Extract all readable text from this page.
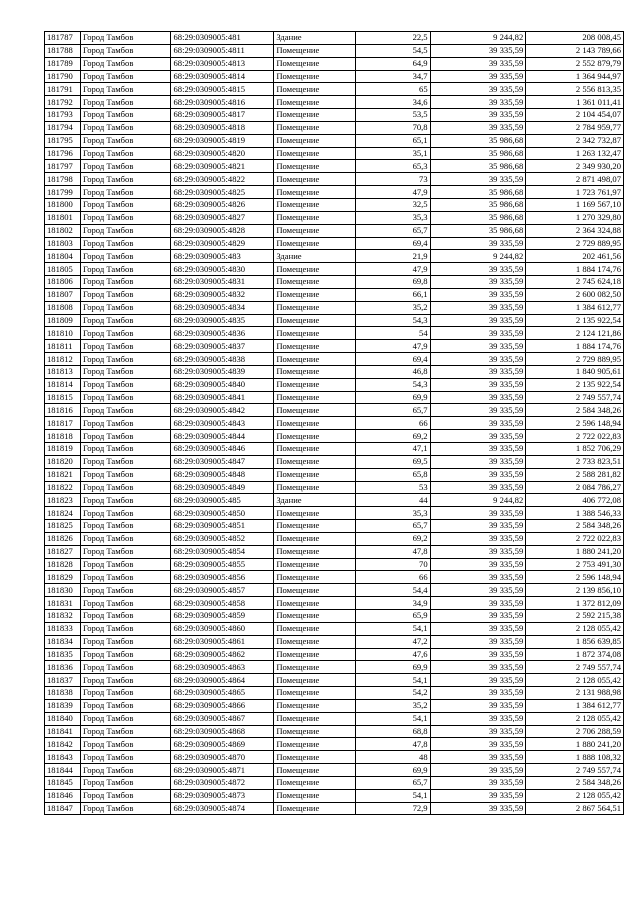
181787	Город Тамбов	68:29:0309005:481	Здание	22,5	9 244,82	208 008,45
181788	Город Тамбов	68:29:0309005:4811	Помещение	54,5	39 335,59	2 143 789,66
181789	Город Тамбов	68:29:0309005:4813	Помещение	64,9	39 335,59	2 552 879,79
181790	Город Тамбов	68:29:0309005:4814	Помещение	34,7	39 335,59	1 364 944,97
181791	Город Тамбов	68:29:0309005:4815	Помещение	65	39 335,59	2 556 813,35
181792	Город Тамбов	68:29:0309005:4816	Помещение	34,6	39 335,59	1 361 011,41
181793	Город Тамбов	68:29:0309005:4817	Помещение	53,5	39 335,59	2 104 454,07
181794	Город Тамбов	68:29:0309005:4818	Помещение	70,8	39 335,59	2 784 959,77
181795	Город Тамбов	68:29:0309005:4819	Помещение	65,1	35 986,68	2 342 732,87
181796	Город Тамбов	68:29:0309005:4820	Помещение	35,1	35 986,68	1 263 132,47
181797	Город Тамбов	68:29:0309005:4821	Помещение	65,3	35 986,68	2 349 930,20
181798	Город Тамбов	68:29:0309005:4822	Помещение	73	39 335,59	2 871 498,07
181799	Город Тамбов	68:29:0309005:4825	Помещение	47,9	35 986,68	1 723 761,97
181800	Город Тамбов	68:29:0309005:4826	Помещение	32,5	35 986,68	1 169 567,10
181801	Город Тамбов	68:29:0309005:4827	Помещение	35,3	35 986,68	1 270 329,80
181802	Город Тамбов	68:29:0309005:4828	Помещение	65,7	35 986,68	2 364 324,88
181803	Город Тамбов	68:29:0309005:4829	Помещение	69,4	39 335,59	2 729 889,95
181804	Город Тамбов	68:29:0309005:483	Здание	21,9	9 244,82	202 461,56
181805	Город Тамбов	68:29:0309005:4830	Помещение	47,9	39 335,59	1 884 174,76
181806	Город Тамбов	68:29:0309005:4831	Помещение	69,8	39 335,59	2 745 624,18
181807	Город Тамбов	68:29:0309005:4832	Помещение	66,1	39 335,59	2 600 082,50
181808	Город Тамбов	68:29:0309005:4834	Помещение	35,2	39 335,59	1 384 612,77
181809	Город Тамбов	68:29:0309005:4835	Помещение	54,3	39 335,59	2 135 922,54
181810	Город Тамбов	68:29:0309005:4836	Помещение	54	39 335,59	2 124 121,86
181811	Город Тамбов	68:29:0309005:4837	Помещение	47,9	39 335,59	1 884 174,76
181812	Город Тамбов	68:29:0309005:4838	Помещение	69,4	39 335,59	2 729 889,95
181813	Город Тамбов	68:29:0309005:4839	Помещение	46,8	39 335,59	1 840 905,61
181814	Город Тамбов	68:29:0309005:4840	Помещение	54,3	39 335,59	2 135 922,54
181815	Город Тамбов	68:29:0309005:4841	Помещение	69,9	39 335,59	2 749 557,74
181816	Город Тамбов	68:29:0309005:4842	Помещение	65,7	39 335,59	2 584 348,26
181817	Город Тамбов	68:29:0309005:4843	Помещение	66	39 335,59	2 596 148,94
181818	Город Тамбов	68:29:0309005:4844	Помещение	69,2	39 335,59	2 722 022,83
181819	Город Тамбов	68:29:0309005:4846	Помещение	47,1	39 335,59	1 852 706,29
181820	Город Тамбов	68:29:0309005:4847	Помещение	69,5	39 335,59	2 733 823,51
181821	Город Тамбов	68:29:0309005:4848	Помещение	65,8	39 335,59	2 588 281,82
181822	Город Тамбов	68:29:0309005:4849	Помещение	53	39 335,59	2 084 786,27
181823	Город Тамбов	68:29:0309005:485	Здание	44	9 244,82	406 772,08
181824	Город Тамбов	68:29:0309005:4850	Помещение	35,3	39 335,59	1 388 546,33
181825	Город Тамбов	68:29:0309005:4851	Помещение	65,7	39 335,59	2 584 348,26
181826	Город Тамбов	68:29:0309005:4852	Помещение	69,2	39 335,59	2 722 022,83
181827	Город Тамбов	68:29:0309005:4854	Помещение	47,8	39 335,59	1 880 241,20
181828	Город Тамбов	68:29:0309005:4855	Помещение	70	39 335,59	2 753 491,30
181829	Город Тамбов	68:29:0309005:4856	Помещение	66	39 335,59	2 596 148,94
181830	Город Тамбов	68:29:0309005:4857	Помещение	54,4	39 335,59	2 139 856,10
181831	Город Тамбов	68:29:0309005:4858	Помещение	34,9	39 335,59	1 372 812,09
181832	Город Тамбов	68:29:0309005:4859	Помещение	65,9	39 335,59	2 592 215,38
181833	Город Тамбов	68:29:0309005:4860	Помещение	54,1	39 335,59	2 128 055,42
181834	Город Тамбов	68:29:0309005:4861	Помещение	47,2	39 335,59	1 856 639,85
181835	Город Тамбов	68:29:0309005:4862	Помещение	47,6	39 335,59	1 872 374,08
181836	Город Тамбов	68:29:0309005:4863	Помещение	69,9	39 335,59	2 749 557,74
181837	Город Тамбов	68:29:0309005:4864	Помещение	54,1	39 335,59	2 128 055,42
181838	Город Тамбов	68:29:0309005:4865	Помещение	54,2	39 335,59	2 131 988,98
181839	Город Тамбов	68:29:0309005:4866	Помещение	35,2	39 335,59	1 384 612,77
181840	Город Тамбов	68:29:0309005:4867	Помещение	54,1	39 335,59	2 128 055,42
181841	Город Тамбов	68:29:0309005:4868	Помещение	68,8	39 335,59	2 706 288,59
181842	Город Тамбов	68:29:0309005:4869	Помещение	47,8	39 335,59	1 880 241,20
181843	Город Тамбов	68:29:0309005:4870	Помещение	48	39 335,59	1 888 108,32
181844	Город Тамбов	68:29:0309005:4871	Помещение	69,9	39 335,59	2 749 557,74
181845	Город Тамбов	68:29:0309005:4872	Помещение	65,7	39 335,59	2 584 348,26
181846	Город Тамбов	68:29:0309005:4873	Помещение	54,1	39 335,59	2 128 055,42
181847	Город Тамбов	68:29:0309005:4874	Помещение	72,9	39 335,59	2 867 564,51
